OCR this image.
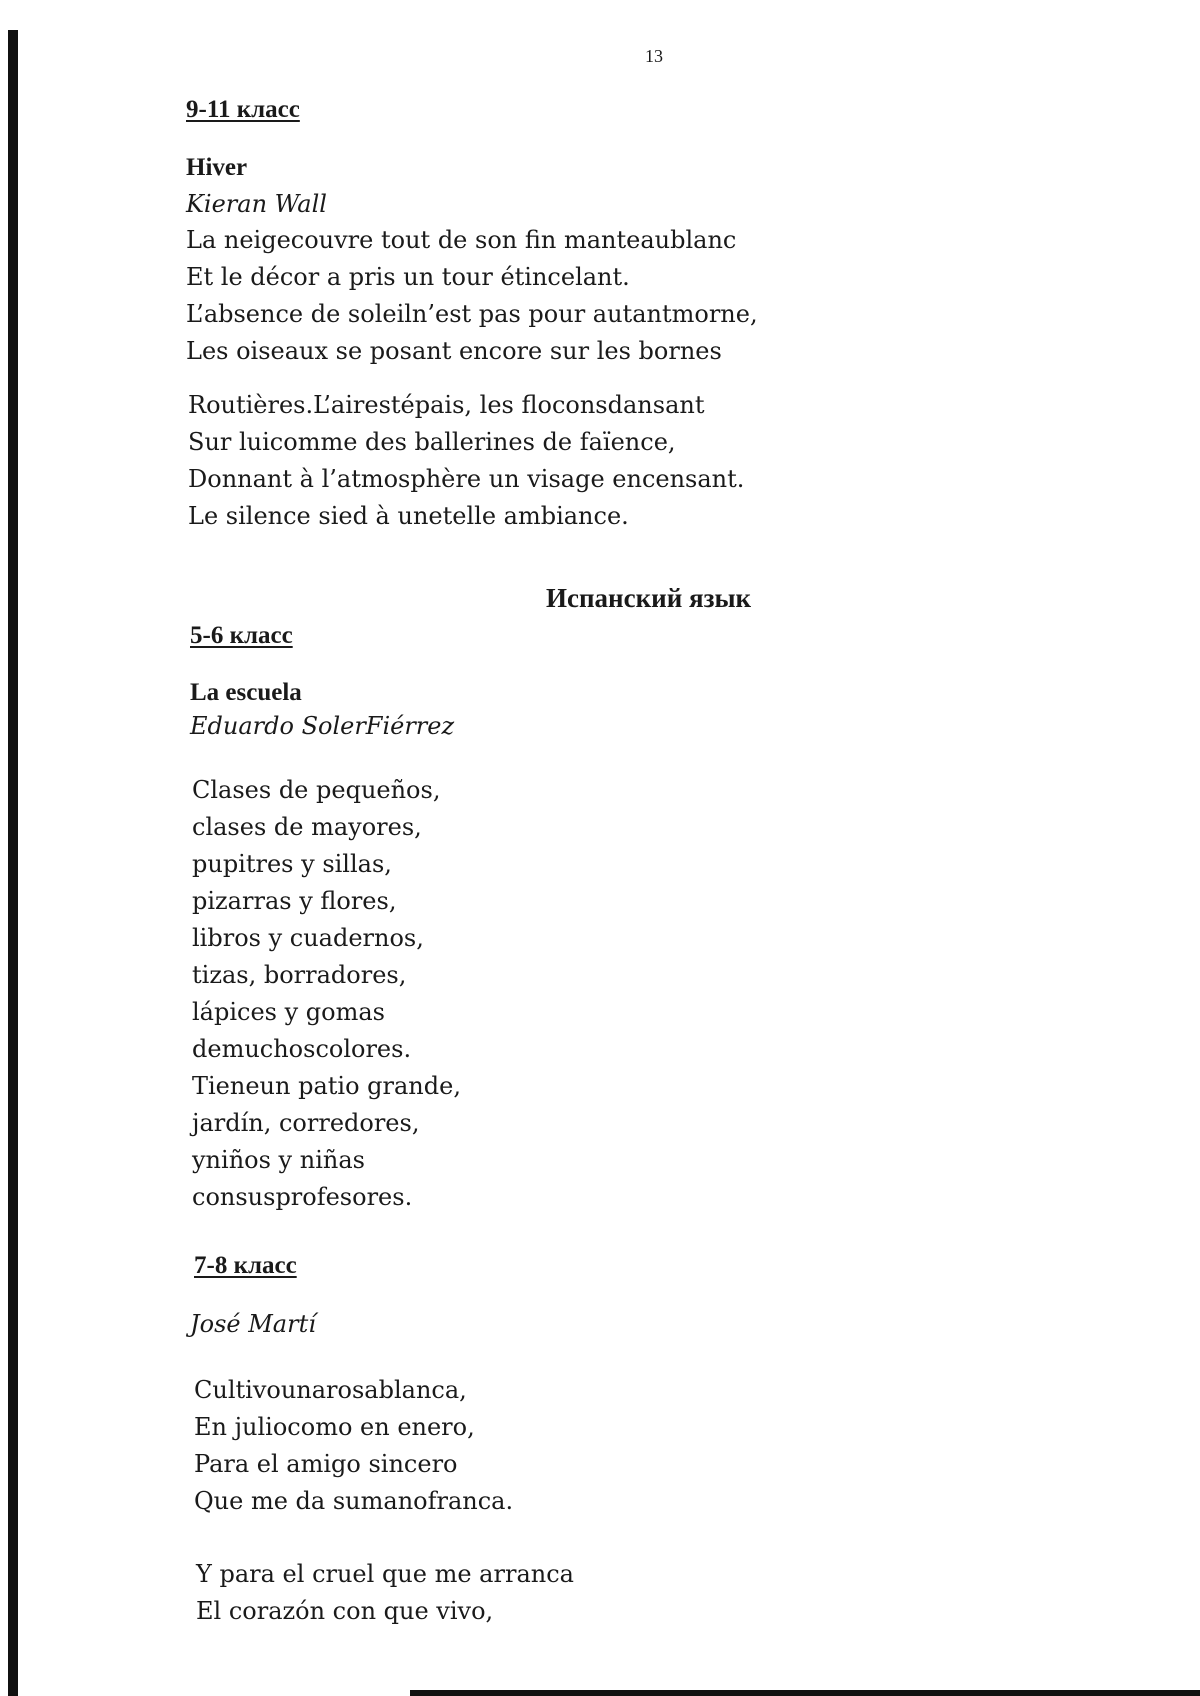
13
9-11 класс
Hiver
Kieran Wall
La neigecouvre tout de son fin manteaublanc
Et le décor a pris un tour étincelant.
L’absence de soleiln’est pas pour autantmorne,
Les oiseaux se posant encore sur les bornes
Routières.L’airestépais, les floconsdansant
Sur luicomme des ballerines de faïence,
Donnant à l’atmosphère un visage encensant.
Le silence sied à unetelle ambiance.
Испанский язык
5-6 класс
La escuela
Eduardo SolerFiérrez
Clases de pequeños,
clases de mayores,
pupitres y sillas,
pizarras y flores,
libros y cuadernos,
tizas, borradores,
lápices y gomas
demuchoscolores.
Tieneun patio grande,
jardín, corredores,
yniños y niñas
consusprofesores.
7-8 класс
José Martí
Cultivounarosablanca,
En juliocomo en enero,
Para el amigo sincero
Que me da sumanofranca.
Y para el cruel que me arranca
El corazón con que vivo,
